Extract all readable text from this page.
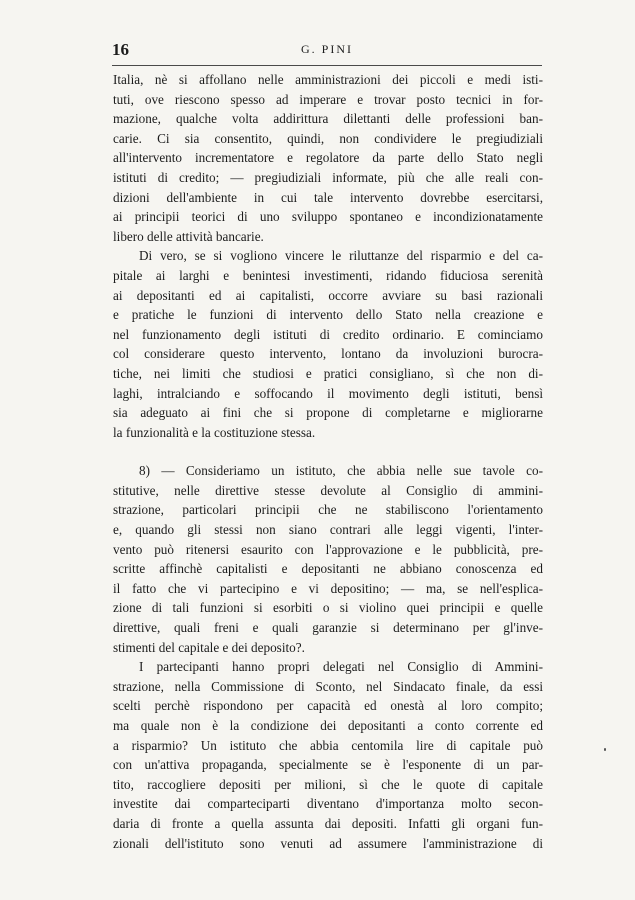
16	G. PINI
Italia, nè si affollano nelle amministrazioni dei piccoli e medi isti-
tuti, ove riescono spesso ad imperare e trovar posto tecnici in for-
mazione, qualche volta addirittura dilettanti delle professioni ban-
carie. Ci sia consentito, quindi, non condividere le pregiudiziali
all'intervento incrementatore e regolatore da parte dello Stato negli
istituti di credito; — pregiudiziali informate, più che alle reali con-
dizioni dell'ambiente in cui tale intervento dovrebbe esercitarsi,
ai principii teorici di uno sviluppo spontaneo e incondizionatamente
libero delle attività bancarie.
Di vero, se si vogliono vincere le riluttanze del risparmio e del ca-
pitale ai larghi e benintesi investimenti, ridando fiduciosa serenità
ai depositanti ed ai capitalisti, occorre avviare su basi razionali
e pratiche le funzioni di intervento dello Stato nella creazione e
nel funzionamento degli istituti di credito ordinario. E cominciamo
col considerare questo intervento, lontano da involuzioni burocra-
tiche, nei limiti che studiosi e pratici consigliano, sì che non di-
laghi, intralciando e soffocando il movimento degli istituti, bensì
sia adeguato ai fini che si propone di completarne e migliorarne
la funzionalità e la costituzione stessa.
8) — Consideriamo un istituto, che abbia nelle sue tavole co-
stitutive, nelle direttive stesse devolute al Consiglio di ammini-
strazione, particolari principii che ne stabiliscono l'orientamento
e, quando gli stessi non siano contrari alle leggi vigenti, l'inter-
vento può ritenersi esaurito con l'approvazione e le pubblicità, pre-
scritte affinchè capitalisti e depositanti ne abbiano conoscenza ed
il fatto che vi partecipino e vi depositino; — ma, se nell'esplica-
zione di tali funzioni si esorbiti o si violino quei principii e quelle
direttive, quali freni e quali garanzie si determinano per gl'inve-
stimenti del capitale e dei deposito?.
I partecipanti hanno propri delegati nel Consiglio di Ammini-
strazione, nella Commissione di Sconto, nel Sindacato finale, da essi
scelti perchè rispondono per capacità ed onestà al loro compito;
ma quale non è la condizione dei depositanti a conto corrente ed
a risparmio? Un istituto che abbia centomila lire di capitale può
con un'attiva propaganda, specialmente se è l'esponente di un par-
tito, raccogliere depositi per milioni, sì che le quote di capitale
investite dai comparteciparti diventano d'importanza molto secon-
daria di fronte a quella assunta dai depositi. Infatti gli organi fun-
zionali dell'istituto sono venuti ad assumere l'amministrazione di
